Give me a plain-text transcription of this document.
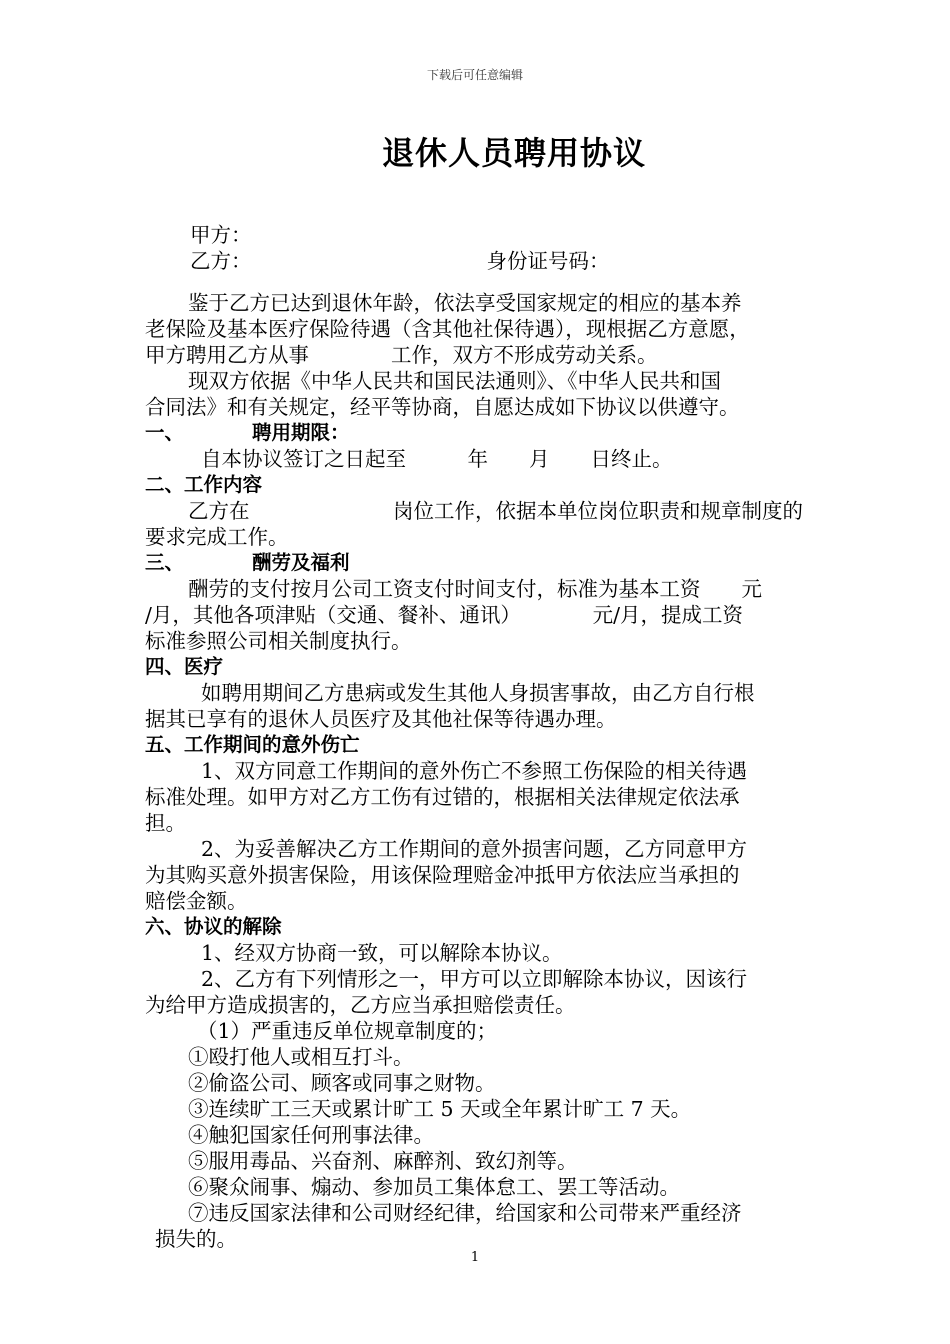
下载后可任意编辑
退休人员聘用协议
甲方：
乙方：	身份证号码：
鉴于乙方已达到退休年龄，依法享受国家规定的相应的基本养
老保险及基本医疗保险待遇（含其他社保待遇），现根据乙方意愿，
甲方聘用乙方从事　　　　工作，双方不形成劳动关系。
现双方依据《中华人民共和国民法通则》、《中华人民共和国
合同法》和有关规定，经平等协商，自愿达成如下协议以供遵守。
一、	聘用期限：
自本协议签订之日起至　　　年　　月　　日终止。
二、工作内容
乙方在　　　　　　　岗位工作，依据本单位岗位职责和规章制度的
要求完成工作。
三、	酬劳及福利
酬劳的支付按月公司工资支付时间支付，标准为基本工资　　元
/月，其他各项津贴（交通、餐补、通讯）　　　　元/月，提成工资
标准参照公司相关制度执行。
四、医疗
如聘用期间乙方患病或发生其他人身损害事故，由乙方自行根
据其已享有的退休人员医疗及其他社保等待遇办理。
五、工作期间的意外伤亡
1、双方同意工作期间的意外伤亡不参照工伤保险的相关待遇
标准处理。如甲方对乙方工伤有过错的，根据相关法律规定依法承
担。
2、为妥善解决乙方工作期间的意外损害问题，乙方同意甲方
为其购买意外损害保险，用该保险理赔金冲抵甲方依法应当承担的
赔偿金额。
六、协议的解除
1、经双方协商一致，可以解除本协议。
2、乙方有下列情形之一，甲方可以立即解除本协议，因该行
为给甲方造成损害的，乙方应当承担赔偿责任。
（1）严重违反单位规章制度的；
①殴打他人或相互打斗。
②偷盗公司、顾客或同事之财物。
③连续旷工三天或累计旷工 5 天或全年累计旷工 7 天。
④触犯国家任何刑事法律。
⑤服用毒品、兴奋剂、麻醉剂、致幻剂等。
⑥聚众闹事、煽动、参加员工集体怠工、罢工等活动。
⑦违反国家法律和公司财经纪律，给国家和公司带来严重经济
损失的。
1
